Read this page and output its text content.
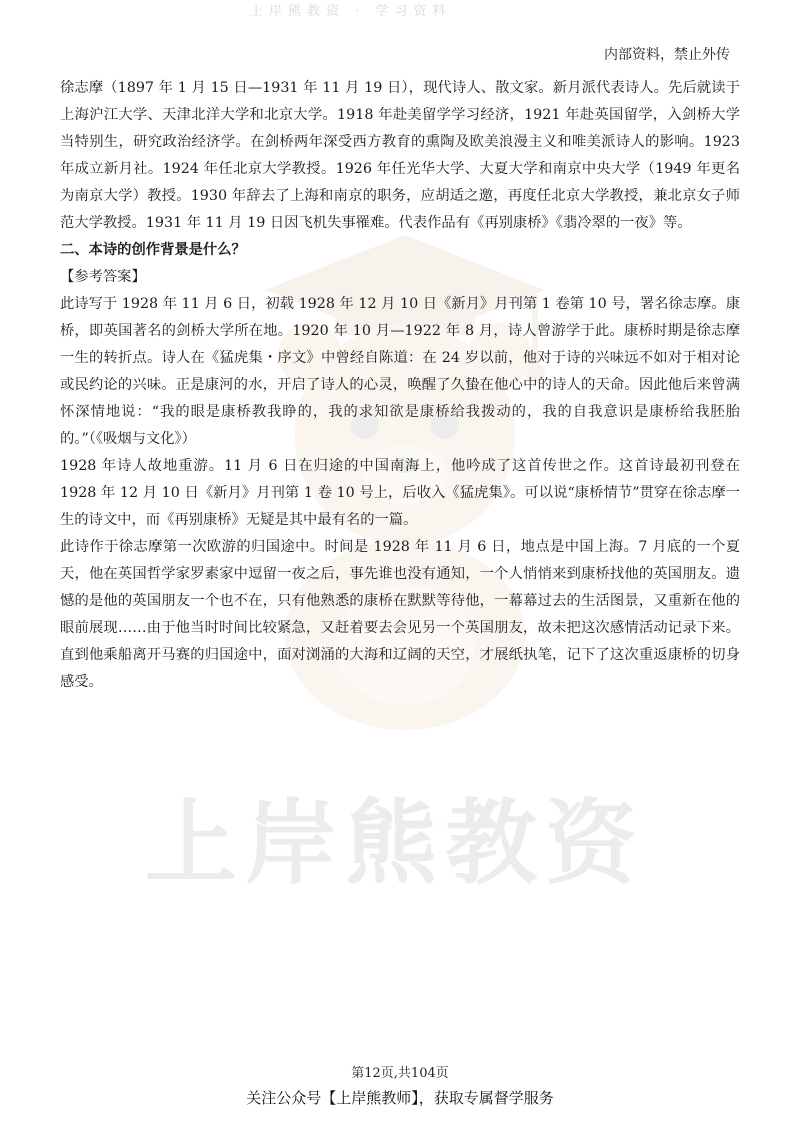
上岸熊教资 · 学习资料
内部资料，禁止外传
上岸熊教资

徐志摩（1897 年 1 月 15 日—1931 年 11 月 19 日），现代诗人、散文家。新月派代表诗人。先后就读于上海沪江大学、天津北洋大学和北京大学。1918 年赴美留学学习经济，1921 年赴英国留学，入剑桥大学当特别生，研究政治经济学。在剑桥两年深受西方教育的熏陶及欧美浪漫主义和唯美派诗人的影响。1923 年成立新月社。1924 年任北京大学教授。1926 年任光华大学、大夏大学和南京中央大学（1949 年更名为南京大学）教授。1930 年辞去了上海和南京的职务，应胡适之邀，再度任北京大学教授，兼北京女子师范大学教授。1931 年 11 月 19 日因飞机失事罹难。代表作品有《再别康桥》《翡冷翠的一夜》等。

二、本诗的创作背景是什么？

【参考答案】

此诗写于 1928 年 11 月 6 日，初载 1928 年 12 月 10 日《新月》月刊第 1 卷第 10 号，署名徐志摩。康桥，即英国著名的剑桥大学所在地。1920 年 10 月—1922 年 8 月，诗人曾游学于此。康桥时期是徐志摩一生的转折点。诗人在《猛虎集・序文》中曾经自陈道：在 24 岁以前，他对于诗的兴味远不如对于相对论或民约论的兴味。正是康河的水，开启了诗人的心灵，唤醒了久蛰在他心中的诗人的天命。因此他后来曾满怀深情地说：“我的眼是康桥教我睁的，我的求知欲是康桥给我拨动的，我的自我意识是康桥给我胚胎的。”（《吸烟与文化》）

1928 年诗人故地重游。11 月 6 日在归途的中国南海上，他吟成了这首传世之作。这首诗最初刊登在 1928 年 12 月 10 日《新月》月刊第 1 卷 10 号上，后收入《猛虎集》。可以说“康桥情节”贯穿在徐志摩一生的诗文中，而《再别康桥》无疑是其中最有名的一篇。

此诗作于徐志摩第一次欧游的归国途中。时间是 1928 年 11 月 6 日，地点是中国上海。7 月底的一个夏天，他在英国哲学家罗素家中逗留一夜之后，事先谁也没有通知，一个人悄悄来到康桥找他的英国朋友。遗憾的是他的英国朋友一个也不在，只有他熟悉的康桥在默默等待他，一幕幕过去的生活图景，又重新在他的眼前展现……由于他当时时间比较紧急，又赶着要去会见另一个英国朋友，故未把这次感情活动记录下来。直到他乘船离开马赛的归国途中，面对浏涌的大海和辽阔的天空，才展纸执笔，记下了这次重返康桥的切身感受。

第12页,共104页
关注公众号【上岸熊教师】，获取专属督学服务
